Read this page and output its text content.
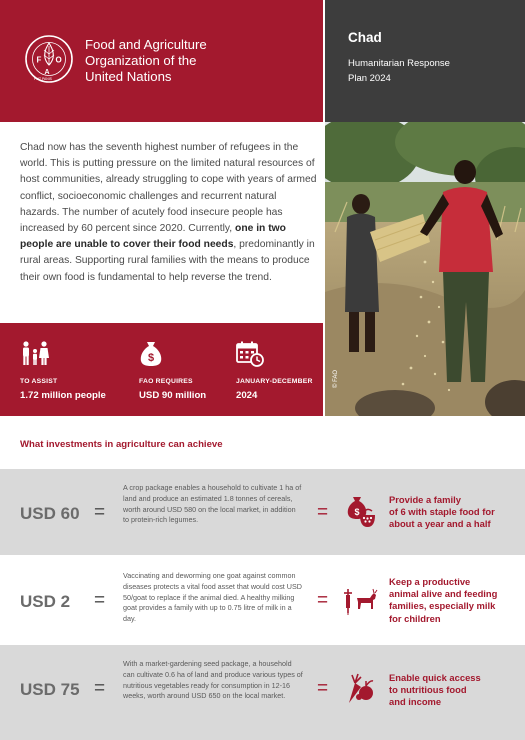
F O
A
FIAT PANIS
Food and Agriculture
Organization of the
United Nations
Chad
Humanitarian Response
Plan 2024

Chad now has the seventh highest number of refugees in the world. This is putting pressure on the limited natural resources of host communities, already struggling to cope with years of armed conflict, socioeconomic challenges and recurrent natural hazards. The number of acutely food insecure people has increased by 60 percent since 2020. Currently, one in two people are unable to cover their food needs, predominantly in rural areas. Supporting rural families with the means to produce their own food is fundamental to help reverse the trend.

© FAO
TO ASSIST
1.72 million people
$
FAO REQUIRES
USD 90 million
JANUARY-DECEMBER
2024
What investments in agriculture can achieve
USD 60 =
A crop package enables a household to cultivate 1 ha of land and produce an estimated 1.8 tonnes of cereals, worth around USD 580 on the local market, in addition to protein-rich legumes.	=	$
Provide a family
of 6 with staple food for
about a year and a half
USD 2 =
Vaccinating and deworming one goat against common diseases protects a vital food asset that would cost USD 50/goat to replace if the animal died. A healthy milking goat provides a family with up to 0.75 litre of milk in a day.
=
Keep a productive
animal alive and feeding
families, especially milk
for children
USD 75 =
With a market-gardening seed package, a household can cultivate 0.6 ha of land and produce various types of nutritious vegetables ready for consumption in 12-16 weeks, worth around USD 650 on the local market.	=
Enable quick access
to nutritious food
and income
